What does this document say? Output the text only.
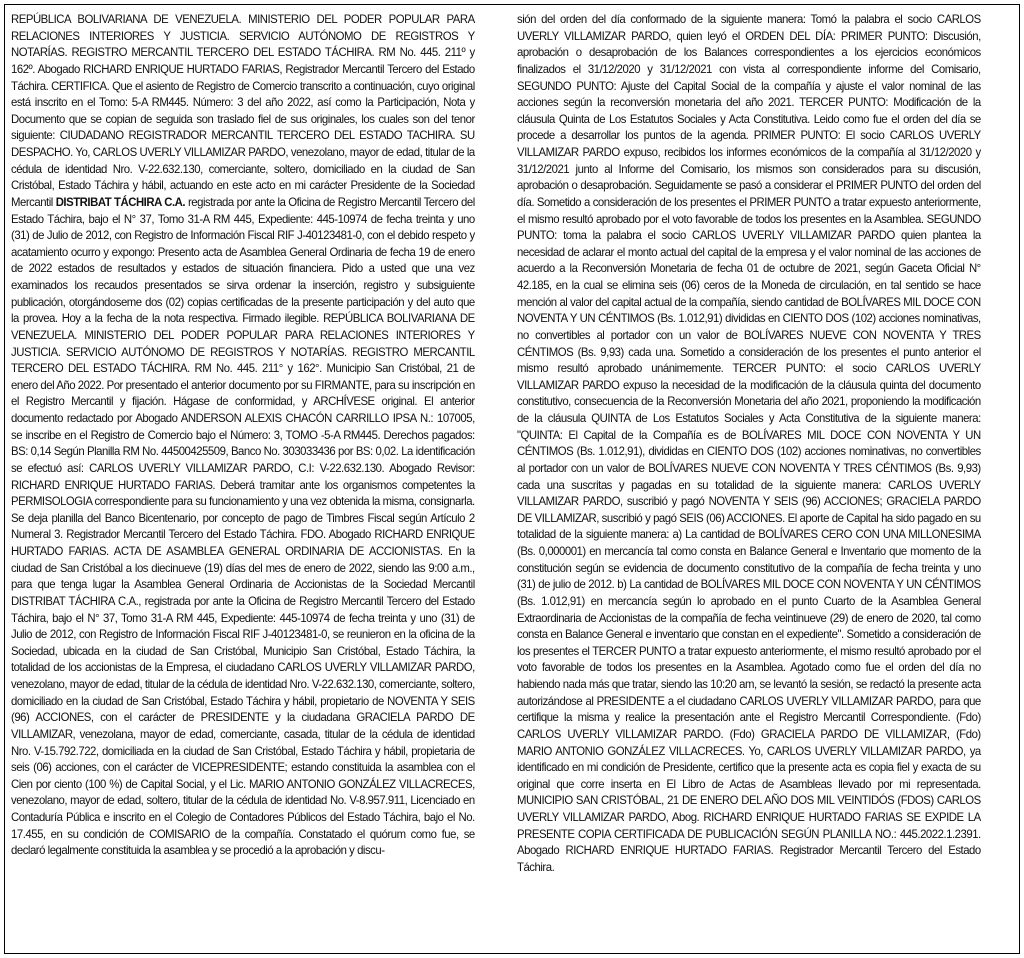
REPÚBLICA BOLIVARIANA DE VENEZUELA. MINISTERIO DEL PODER POPULAR PARA RELACIONES INTERIORES Y JUSTICIA. SERVICIO AUTÓNOMO DE REGISTROS Y NOTARÍAS. REGISTRO MERCANTIL TERCERO DEL ESTADO TÁCHIRA. RM No. 445. 211º y 162º. Abogado RICHARD ENRIQUE HURTADO FARIAS, Registrador Mercantil Tercero del Estado Táchira. CERTIFICA. Que el asiento de Registro de Comercio transcrito a continuación, cuyo original está inscrito en el Tomo: 5-A RM445. Número: 3 del año 2022, así como la Participación, Nota y Documento que se copian de seguida son traslado fiel de sus originales, los cuales son del tenor siguiente: CIUDADANO REGISTRADOR MERCANTIL TERCERO DEL ESTADO TACHIRA. SU DESPACHO. Yo, CARLOS UVERLY VILLAMIZAR PARDO, venezolano, mayor de edad, titular de la cédula de identidad Nro. V-22.632.130, comerciante, soltero, domiciliado en la ciudad de San Cristóbal, Estado Táchira y hábil, actuando en este acto en mi carácter Presidente de la Sociedad Mercantil DISTRIBAT TÁCHIRA C.A. registrada por ante la Oficina de Registro Mercantil Tercero del Estado Táchira, bajo el N° 37, Tomo 31-A RM 445, Expediente: 445-10974 de fecha treinta y uno (31) de Julio de 2012, con Registro de Información Fiscal RIF J-40123481-0, con el debido respeto y acatamiento ocurro y expongo: Presento acta de Asamblea General Ordinaria de fecha 19 de enero de 2022 estados de resultados y estados de situación financiera. Pido a usted que una vez examinados los recaudos presentados se sirva ordenar la inserción, registro y subsiguiente publicación, otorgándoseme dos (02) copias certificadas de la presente participación y del auto que la provea. Hoy a la fecha de la nota respectiva. Firmado ilegible. REPÚBLICA BOLIVARIANA DE VENEZUELA. MINISTERIO DEL PODER POPULAR PARA RELACIONES INTERIORES Y JUSTICIA. SERVICIO AUTÓNOMO DE REGISTROS Y NOTARÍAS. REGISTRO MERCANTIL TERCERO DEL ESTADO TÁCHIRA. RM No. 445. 211° y 162°. Municipio San Cristóbal, 21 de enero del Año 2022. Por presentado el anterior documento por su FIRMANTE, para su inscripción en el Registro Mercantil y fijación. Hágase de conformidad, y ARCHÍVESE original. El anterior documento redactado por Abogado ANDERSON ALEXIS CHACÓN CARRILLO IPSA N.: 107005, se inscribe en el Registro de Comercio bajo el Número: 3, TOMO -5-A RM445. Derechos pagados: BS: 0,14 Según Planilla RM No. 44500425509, Banco No. 303033436 por BS: 0,02. La identificación se efectuó así: CARLOS UVERLY VILLAMIZAR PARDO, C.I: V-22.632.130. Abogado Revisor: RICHARD ENRIQUE HURTADO FARIAS. Deberá tramitar ante los organismos competentes la PERMISOLOGIA correspondiente para su funcionamiento y una vez obtenida la misma, consignarla. Se deja planilla del Banco Bicentenario, por concepto de pago de Timbres Fiscal según Artículo 2 Numeral 3. Registrador Mercantil Tercero del Estado Táchira. FDO. Abogado RICHARD ENRIQUE HURTADO FARIAS. ACTA DE ASAMBLEA GENERAL ORDINARIA DE ACCIONISTAS. En la ciudad de San Cristóbal a los diecinueve (19) días del mes de enero de 2022, siendo las 9:00 a.m., para que tenga lugar la Asamblea General Ordinaria de Accionistas de la Sociedad Mercantil DISTRIBAT TÁCHIRA C.A., registrada por ante la Oficina de Registro Mercantil Tercero del Estado Táchira, bajo el N° 37, Tomo 31-A RM 445, Expediente: 445-10974 de fecha treinta y uno (31) de Julio de 2012, con Registro de Información Fiscal RIF J-40123481-0, se reunieron en la oficina de la Sociedad, ubicada en la ciudad de San Cristóbal, Municipio San Cristóbal, Estado Táchira, la totalidad de los accionistas de la Empresa, el ciudadano CARLOS UVERLY VILLAMIZAR PARDO, venezolano, mayor de edad, titular de la cédula de identidad Nro. V-22.632.130, comerciante, soltero, domiciliado en la ciudad de San Cristóbal, Estado Táchira y hábil, propietario de NOVENTA Y SEIS (96) ACCIONES, con el carácter de PRESIDENTE y la ciudadana GRACIELA PARDO DE VILLAMIZAR, venezolana, mayor de edad, comerciante, casada, titular de la cédula de identidad Nro. V-15.792.722, domiciliada en la ciudad de San Cristóbal, Estado Táchira y hábil, propietaria de seis (06) acciones, con el carácter de VICEPRESIDENTE; estando constituida la asamblea con el Cien por ciento (100 %) de Capital Social, y el Lic. MARIO ANTONIO GONZÁLEZ VILLACRECES, venezolano, mayor de edad, soltero, titular de la cédula de identidad No. V-8.957.911, Licenciado en Contaduría Pública e inscrito en el Colegio de Contadores Públicos del Estado Táchira, bajo el No. 17.455, en su condición de COMISARIO de la compañía. Constatado el quórum como fue, se declaró legalmente constituida la asamblea y se procedió a la aprobación y discu-

sión del orden del día conformado de la siguiente manera: Tomó la palabra el socio CARLOS UVERLY VILLAMIZAR PARDO, quien leyó el ORDEN DEL DÍA: PRIMER PUNTO: Discusión, aprobación o desaprobación de los Balances correspondientes a los ejercicios económicos finalizados el 31/12/2020 y 31/12/2021 con vista al correspondiente informe del Comisario, SEGUNDO PUNTO: Ajuste del Capital Social de la compañía y ajuste el valor nominal de las acciones según la reconversión monetaria del año 2021. TERCER PUNTO: Modificación de la cláusula Quinta de Los Estatutos Sociales y Acta Constitutiva. Leido como fue el orden del día se procede a desarrollar los puntos de la agenda. PRIMER PUNTO: El socio CARLOS UVERLY VILLAMIZAR PARDO expuso, recibidos los informes económicos de la compañía al 31/12/2020 y 31/12/2021 junto al Informe del Comisario, los mismos son considerados para su discusión, aprobación o desaprobación. Seguidamente se pasó a considerar el PRIMER PUNTO del orden del día. Sometido a consideración de los presentes el PRIMER PUNTO a tratar expuesto anteriormente, el mismo resultó aprobado por el voto favorable de todos los presentes en la Asamblea. SEGUNDO PUNTO: toma la palabra el socio CARLOS UVERLY VILLAMIZAR PARDO quien plantea la necesidad de aclarar el monto actual del capital de la empresa y el valor nominal de las acciones de acuerdo a la Reconversión Monetaria de fecha 01 de octubre de 2021, según Gaceta Oficial N° 42.185, en la cual se elimina seis (06) ceros de la Moneda de circulación, en tal sentido se hace mención al valor del capital actual de la compañía, siendo cantidad de BOLÍVARES MIL DOCE CON NOVENTA Y UN CÉNTIMOS (Bs. 1.012,91) divididas en CIENTO DOS (102) acciones nominativas, no convertibles al portador con un valor de BOLÍVARES NUEVE CON NOVENTA Y TRES CÉNTIMOS (Bs. 9,93) cada una. Sometido a consideración de los presentes el punto anterior el mismo resultó aprobado unánimemente. TERCER PUNTO: el socio CARLOS UVERLY VILLAMIZAR PARDO expuso la necesidad de la modificación de la cláusula quinta del documento constitutivo, consecuencia de la Reconversión Monetaria del año 2021, proponiendo la modificación de la cláusula QUINTA de Los Estatutos Sociales y Acta Constitutiva de la siguiente manera: "QUINTA: El Capital de la Compañía es de BOLÍVARES MIL DOCE CON NOVENTA Y UN CÉNTIMOS (Bs. 1.012,91), divididas en CIENTO DOS (102) acciones nominativas, no convertibles al portador con un valor de BOLÍVARES NUEVE CON NOVENTA Y TRES CÉNTIMOS (Bs. 9,93) cada una suscritas y pagadas en su totalidad de la siguiente manera: CARLOS UVERLY VILLAMIZAR PARDO, suscribió y pagó NOVENTA Y SEIS (96) ACCIONES; GRACIELA PARDO DE VILLAMIZAR, suscribió y pagó SEIS (06) ACCIONES. El aporte de Capital ha sido pagado en su totalidad de la siguiente manera: a) La cantidad de BOLÍVARES CERO CON UNA MILLONESIMA (Bs. 0,000001) en mercancía tal como consta en Balance General e Inventario que momento de la constitución según se evidencia de documento constitutivo de la compañía de fecha treinta y uno (31) de julio de 2012. b) La cantidad de BOLÍVARES MIL DOCE CON NOVENTA Y UN CÉNTIMOS (Bs. 1.012,91) en mercancía según lo aprobado en el punto Cuarto de la Asamblea General Extraordinaria de Accionistas de la compañía de fecha veintinueve (29) de enero de 2020, tal como consta en Balance General e inventario que constan en el expediente". Sometido a consideración de los presentes el TERCER PUNTO a tratar expuesto anteriormente, el mismo resultó aprobado por el voto favorable de todos los presentes en la Asamblea. Agotado como fue el orden del día no habiendo nada más que tratar, siendo las 10:20 am, se levantó la sesión, se redactó la presente acta autorizándose al PRESIDENTE a el ciudadano CARLOS UVERLY VILLAMIZAR PARDO, para que certifique la misma y realice la presentación ante el Registro Mercantil Correspondiente. (Fdo) CARLOS UVERLY VILLAMIZAR PARDO. (Fdo) GRACIELA PARDO DE VILLAMIZAR, (Fdo) MARIO ANTONIO GONZÁLEZ VILLACRECES. Yo, CARLOS UVERLY VILLAMIZAR PARDO, ya identificado en mi condición de Presidente, certifico que la presente acta es copia fiel y exacta de su original que corre inserta en El Libro de Actas de Asambleas llevado por mi representada. MUNICIPIO SAN CRISTÓBAL, 21 DE ENERO DEL AÑO DOS MIL VEINTIDÓS (FDOS) CARLOS UVERLY VILLAMIZAR PARDO, Abog. RICHARD ENRIQUE HURTADO FARIAS SE EXPIDE LA PRESENTE COPIA CERTIFICADA DE PUBLICACIÓN SEGÚN PLANILLA NO.: 445.2022.1.2391. Abogado RICHARD ENRIQUE HURTADO FARIAS. Registrador Mercantil Tercero del Estado Táchira.
